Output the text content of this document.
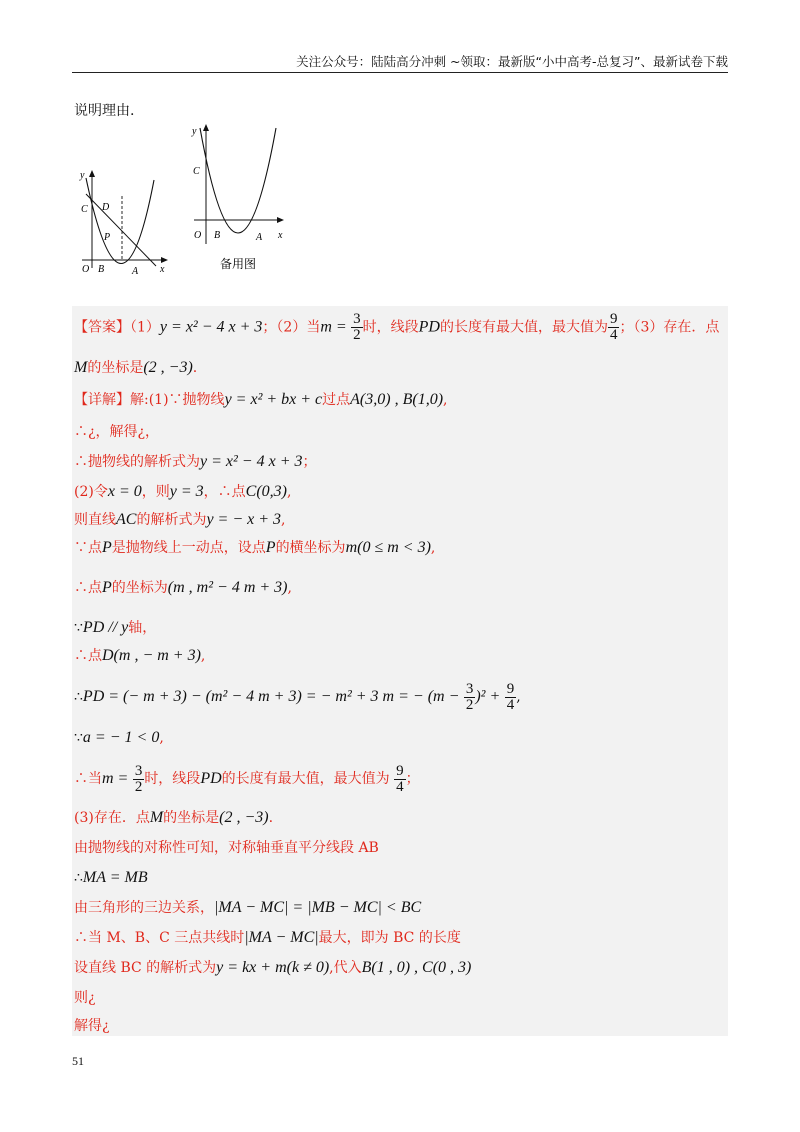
关注公众号：陆陆高分冲刺 ~领取：最新版“小中高考-总复习”、最新试卷下载
说明理由.
y
C D
P
O B	A x
y
C
O B	A x
备用图
【答案】（1）y = x² − 4 x + 3；（2）当$m = \frac{3}{2}$ 时，线段PD的长度有最大值，最大值为 $\frac{9}{4}$ ；（3）存在．点
M的坐标是(2 , −3).
【详解】解:(1)∵抛物线y = x² + bx + c过点A(3,0) , B(1,0),
∴¿，解得¿，
∴抛物线的解析式为y = x² − 4 x + 3；
(2)令x = 0，则y = 3，∴点C(0,3),
则直线AC的解析式为y = − x + 3,
∵点P是抛物线上一动点，设点P的横坐标为m(0 ≤ m < 3),
∴点P的坐标为(m , m² − 4 m + 3),
∵PD // y轴，
∴点D(m , − m + 3),
∴PD = (− m + 3) − (m² − 4 m + 3) = − m² + 3 m = − $(m - \frac{3}{2} )^2 + \frac{9}{4}$ ,
∵a = − 1 < 0,
∴当$m = \frac{3}{2}$ 时，线段PD的长度有最大值，最大值为 $\frac{9}{4}$ ；
(3)存在．点M的坐标是(2 , −3).
由抛物线的对称性可知，对称轴垂直平分线段 AB
∴MA = MB
由三角形的三边关系，|MA − MC| = |MB − MC| < BC
∴当 M、B、C 三点共线时|MA − MC|最大，即为 BC 的长度
设直线 BC 的解析式为y = kx + m(k ≠ 0),代入B(1 , 0) , C(0 , 3)
则¿
解得¿
51
